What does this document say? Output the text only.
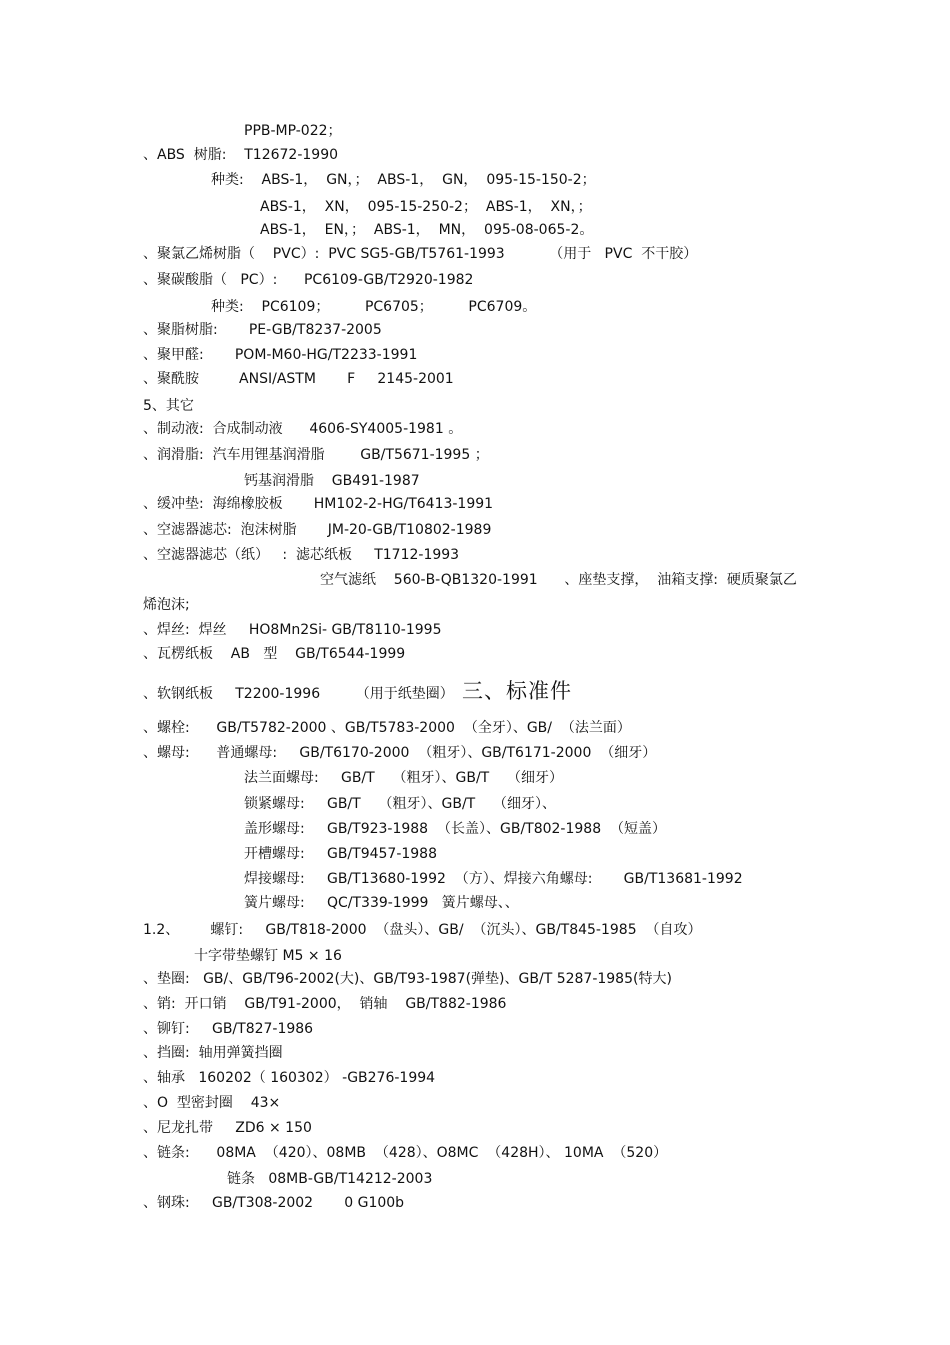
PPB-MP-022；
、ABS  树脂:    T12672-1990
种类:    ABS-1，  GN，；  ABS-1，  GN，  095-15-150-2；
ABS-1，  XN，  095-15-250-2；  ABS-1，  XN，；
ABS-1，  EN，；  ABS-1，  MN，  095-08-065-2。
、聚氯乙烯树脂（    PVC）:  PVC SG5-GB/T5761-1993          （用于   PVC  不干胶）
、聚碳酸脂（   PC）:      PC6109-GB/T2920-1982
种类:    PC6109；        PC6705；        PC6709。
、聚脂树脂:       PE-GB/T8237-2005
、聚甲醛:       POM-M60-HG/T2233-1991
、聚酰胺         ANSI/ASTM       F     2145-2001
5、其它
、制动液:  合成制动液      4606-SY4005-1981 。
、润滑脂:  汽车用锂基润滑脂        GB/T5671-1995 ；
钙基润滑脂    GB491-1987
、缓冲垫:  海绵橡胶板       HM102-2-HG/T6413-1991
、空滤器滤芯:  泡沫树脂       JM-20-GB/T10802-1989
、空滤器滤芯（纸）   :  滤芯纸板     T1712-1993
空气滤纸    560-B-QB1320-1991      、座垫支撑，  油箱支撑:  硬质聚氯乙
烯泡沫;
、焊丝:  焊丝     HO8Mn2Si- GB/T8110-1995
、瓦楞纸板    AB   型    GB/T6544-1999
、软钢纸板     T2200-1996        （用于纸垫圈） 三、标准件
、螺栓:      GB/T5782-2000 、GB/T5783-2000  （全牙）、GB/  （法兰面）
、螺母:      普通螺母:     GB/T6170-2000  （粗牙）、GB/T6171-2000  （细牙）
法兰面螺母:     GB/T    （粗牙）、GB/T    （细牙）
锁紧螺母:     GB/T    （粗牙）、GB/T    （细牙）、
盖形螺母:     GB/T923-1988  （长盖）、GB/T802-1988  （短盖）
开槽螺母:     GB/T9457-1988
焊接螺母:     GB/T13680-1992  （方）、焊接六角螺母:       GB/T13681-1992
簧片螺母:     QC/T339-1999   簧片螺母、、
1.2、       螺钉:     GB/T818-2000  （盘头）、GB/  （沉头）、GB/T845-1985  （自攻）
十字带垫螺钉 M5 × 16
、垫圈:   GB/、GB/T96-2002(大)、GB/T93-1987(弹垫)、GB/T 5287-1985(特大)
、销:  开口销    GB/T91-2000，  销轴    GB/T882-1986
、铆钉:     GB/T827-1986
、挡圈:  轴用弹簧挡圈
、轴承   160202（ 160302） -GB276-1994
、O  型密封圈    43×
、尼龙扎带     ZD6 × 150
、链条:      08MA  （420）、08MB  （428）、O8MC  （428H）、 10MA  （520）
链条   08MB-GB/T14212-2003
、钢珠:     GB/T308-2002       0 G100b
